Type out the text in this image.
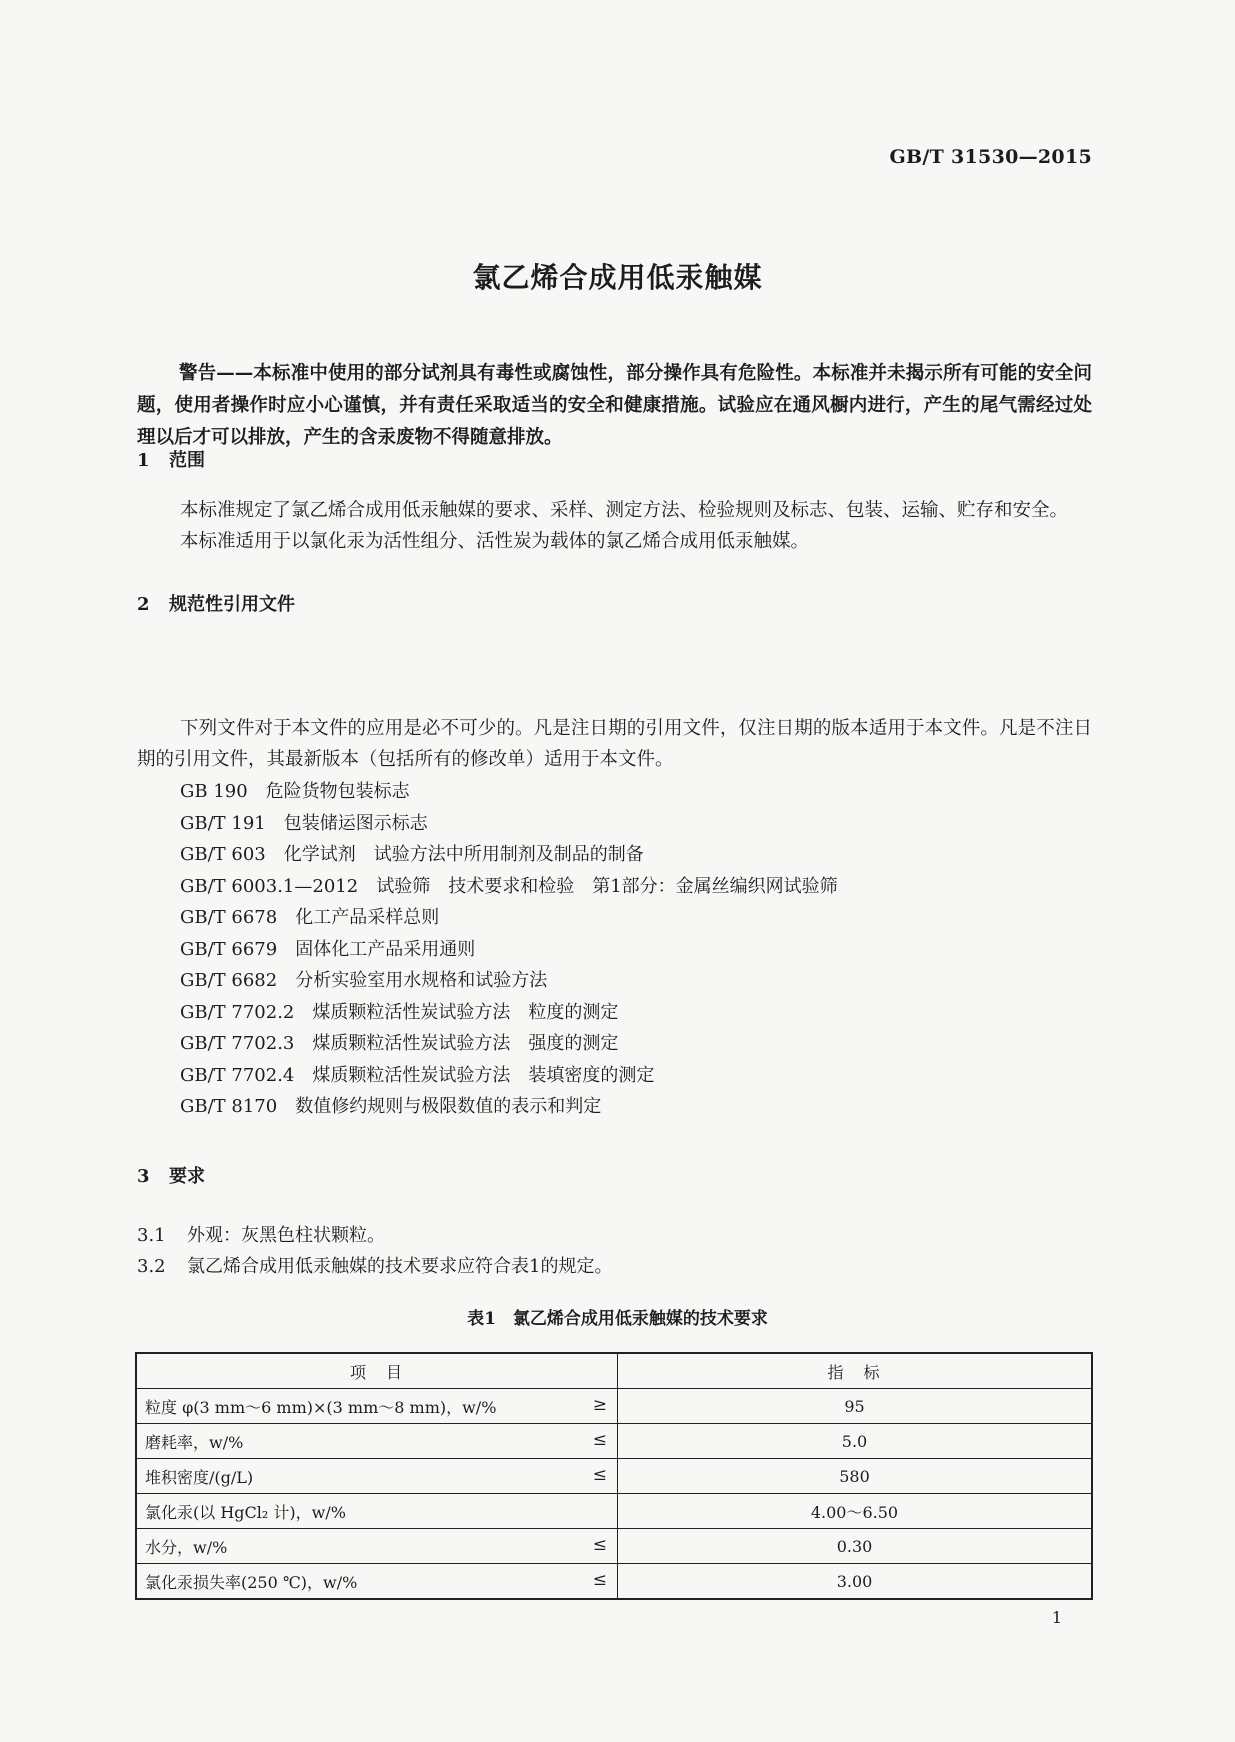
GB/T 31530—2015
氯乙烯合成用低汞触媒

警告——本标准中使用的部分试剂具有毒性或腐蚀性，部分操作具有危险性。本标准并未揭示所有可能的安全问题，使用者操作时应小心谨慎，并有责任采取适当的安全和健康措施。试验应在通风橱内进行，产生的尾气需经过处理以后才可以排放，产生的含汞废物不得随意排放。

1 范围

本标准规定了氯乙烯合成用低汞触媒的要求、采样、测定方法、检验规则及标志、包装、运输、贮存和安全。

本标准适用于以氯化汞为活性组分、活性炭为载体的氯乙烯合成用低汞触媒。

2 规范性引用文件

下列文件对于本文件的应用是必不可少的。凡是注日期的引用文件，仅注日期的版本适用于本文件。凡是不注日期的引用文件，其最新版本（包括所有的修改单）适用于本文件。

GB 190　危险货物包装标志
GB/T 191　包装储运图示标志
GB/T 603　化学试剂　试验方法中所用制剂及制品的制备
GB/T 6003.1—2012　试验筛　技术要求和检验　第1部分：金属丝编织网试验筛
GB/T 6678　化工产品采样总则
GB/T 6679　固体化工产品采用通则
GB/T 6682　分析实验室用水规格和试验方法
GB/T 7702.2　煤质颗粒活性炭试验方法　粒度的测定
GB/T 7702.3　煤质颗粒活性炭试验方法　强度的测定
GB/T 7702.4　煤质颗粒活性炭试验方法　装填密度的测定
GB/T 8170　数值修约规则与极限数值的表示和判定
3 要求
3.1 外观：灰黑色柱状颗粒。
3.2 氯乙烯合成用低汞触媒的技术要求应符合表1的规定。
表1　氯乙烯合成用低汞触媒的技术要求
项　目	指　标
粒度 φ(3 mm～6 mm)×(3 mm～8 mm)，w/% ≥	95
磨耗率，w/% ≤	5.0
堆积密度/(g/L) ≤	580
氯化汞(以 HgCl₂ 计)，w/%	4.00～6.50
水分，w/% ≤	0.30
氯化汞损失率(250 ℃)，w/% ≤	3.00
1
